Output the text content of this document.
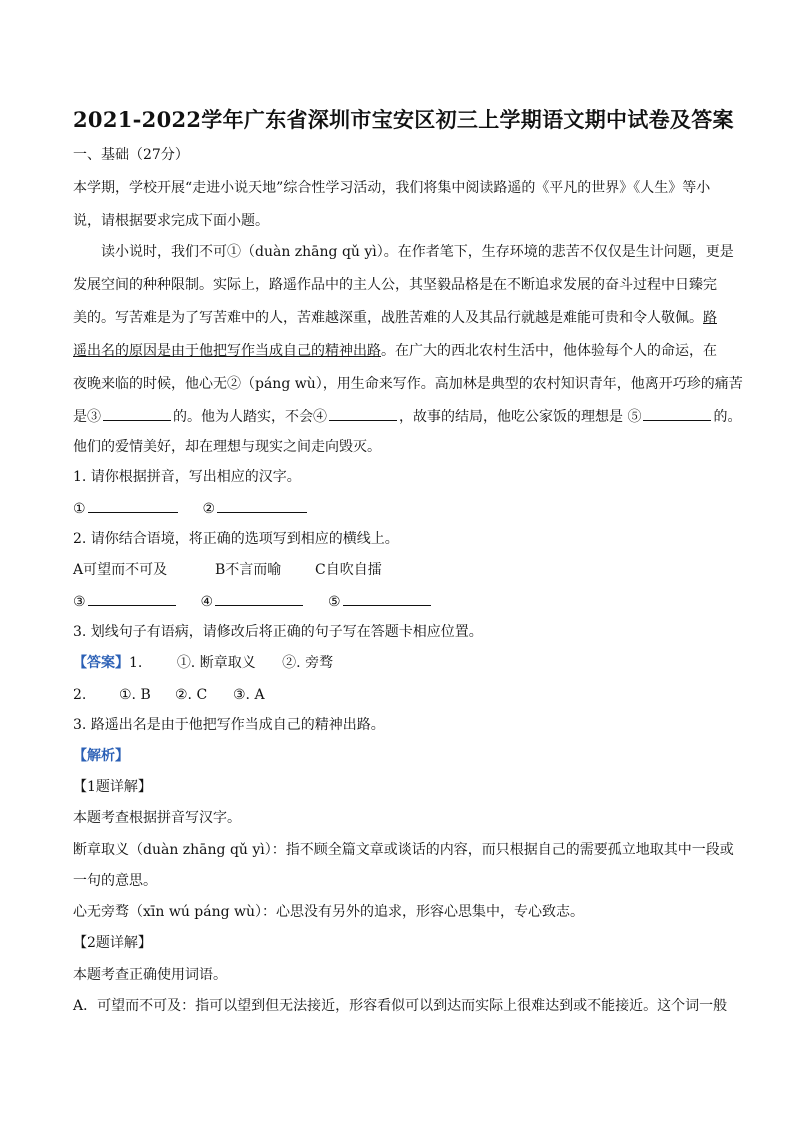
2021-2022学年广东省深圳市宝安区初三上学期语文期中试卷及答案
一、基础（27分）
本学期，学校开展“走进小说天地”综合性学习活动，我们将集中阅读路遥的《平凡的世界》《人生》等小
说，请根据要求完成下面小题。
读小说时，我们不可①（duàn zhāng qǔ yì）。在作者笔下，生存环境的悲苦不仅仅是生计问题，更是
发展空间的种种限制。实际上，路遥作品中的主人公，其坚毅品格是在不断追求发展的奋斗过程中日臻完
美的。写苦难是为了写苦难中的人，苦难越深重，战胜苦难的人及其品行就越是难能可贵和令人敬佩。路
遥出名的原因是由于他把写作当成自己的精神出路。在广大的西北农村生活中，他体验每个人的命运，在
夜晚来临的时候，他心无②（páng wù），用生命来写作。高加林是典型的农村知识青年，他离开巧珍的痛苦
是③	的。他为人踏实，不会④	，故事的结局，他吃公家饭的理想是 ⑤	的。
他们的爱情美好，却在理想与现实之间走向毁灭。
1. 请你根据拼音，写出相应的汉字。
①	②
2. 请你结合语境，将正确的选项写到相应的横线上。
A可望而不可及	B不言而喻 C自吹自擂
③	④	⑤
3. 划线句子有语病，请修改后将正确的句子写在答题卡相应位置。
【答案】1. ①. 断章取义 ②. 旁骛
2. ①. B ②. C ③. A
3. 路遥出名是由于他把写作当成自己的精神出路。
【解析】
【1题详解】
本题考查根据拼音写汉字。
断章取义（duàn zhāng qǔ yì）：指不顾全篇文章或谈话的内容，而只根据自己的需要孤立地取其中一段或
一句的意思。
心无旁骛（xīn wú páng wù）：心思没有另外的追求，形容心思集中，专心致志。
【2题详解】
本题考查正确使用词语。
A．可望而不可及：指可以望到但无法接近，形容看似可以到达而实际上很难达到或不能接近。这个词一般
